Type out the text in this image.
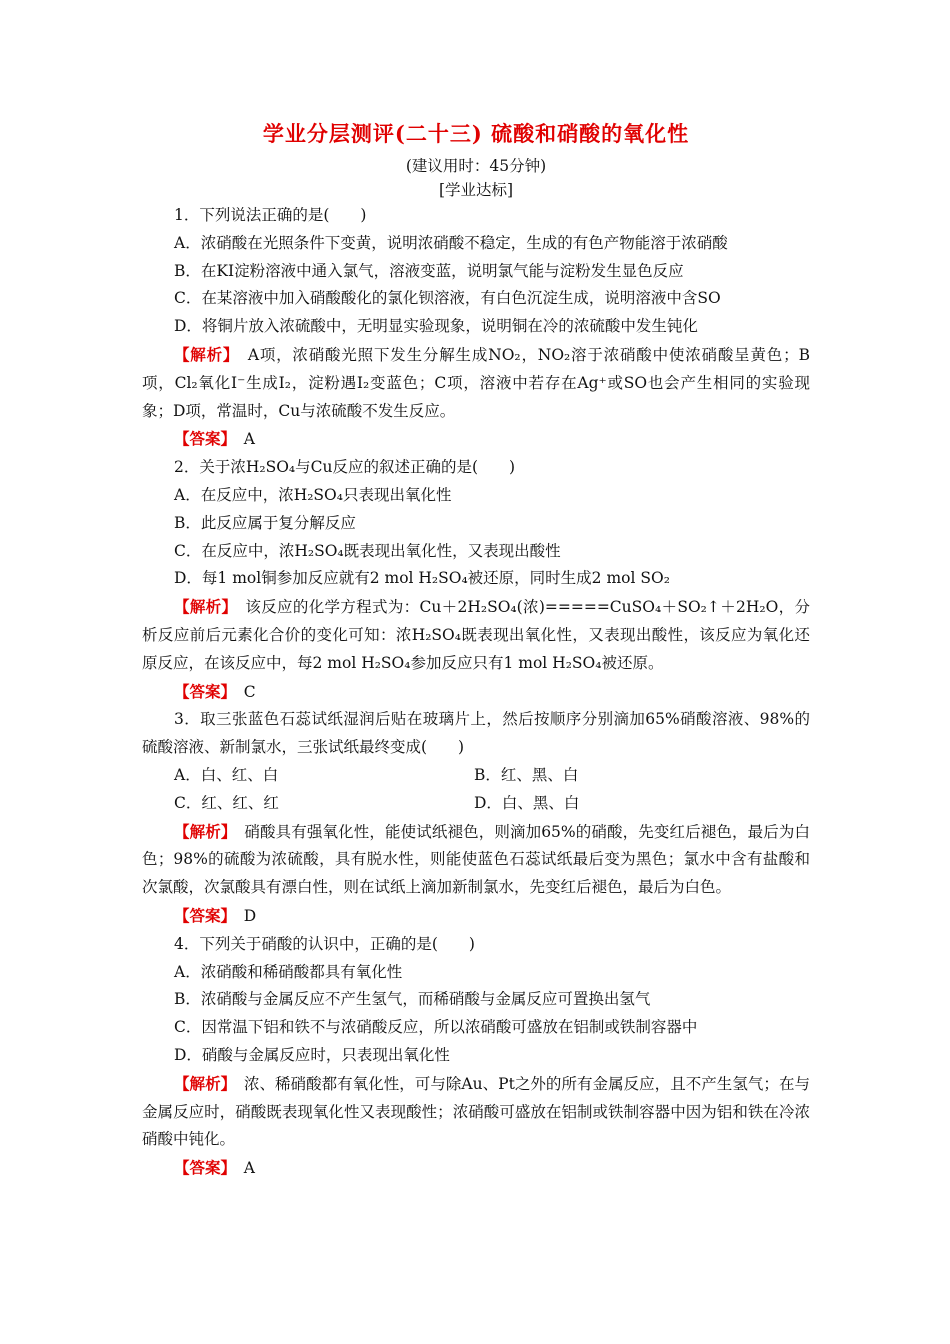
学业分层测评(二十三) 硫酸和硝酸的氧化性
(建议用时：45分钟)
[学业达标]
1．下列说法正确的是(　　)
A．浓硝酸在光照条件下变黄，说明浓硝酸不稳定，生成的有色产物能溶于浓硝酸
B．在KI淀粉溶液中通入氯气，溶液变蓝，说明氯气能与淀粉发生显色反应
C．在某溶液中加入硝酸酸化的氯化钡溶液，有白色沉淀生成，说明溶液中含SO
D．将铜片放入浓硫酸中，无明显实验现象，说明铜在冷的浓硫酸中发生钝化
【解析】　 A项，浓硝酸光照下发生分解生成NO₂，NO₂溶于浓硝酸中使浓硝酸呈黄色；B项，Cl₂氧化I⁻生成I₂，淀粉遇I₂变蓝色；C项，溶液中若存在Ag⁺或SO也会产生相同的实验现象；D项，常温时，Cu与浓硫酸不发生反应。
【答案】　 A
2．关于浓H₂SO₄与Cu反应的叙述正确的是(　　)
A．在反应中，浓H₂SO₄只表现出氧化性
B．此反应属于复分解反应
C．在反应中，浓H₂SO₄既表现出氧化性，又表现出酸性
D．每1 mol铜参加反应就有2 mol H₂SO₄被还原，同时生成2 mol SO₂
【解析】　 该反应的化学方程式为：Cu＋2H₂SO₄(浓)=====CuSO₄＋SO₂↑＋2H₂O，分析反应前后元素化合价的变化可知：浓H₂SO₄既表现出氧化性，又表现出酸性，该反应为氧化还原反应，在该反应中，每2 mol H₂SO₄参加反应只有1 mol H₂SO₄被还原。
【答案】　 C
3．取三张蓝色石蕊试纸湿润后贴在玻璃片上，然后按顺序分别滴加65%硝酸溶液、98%的硫酸溶液、新制氯水，三张试纸最终变成(　　)
A．白、红、白	B．红、黑、白
C．红、红、红	D．白、黑、白
【解析】　 硝酸具有强氧化性，能使试纸褪色，则滴加65%的硝酸，先变红后褪色，最后为白色；98%的硫酸为浓硫酸，具有脱水性，则能使蓝色石蕊试纸最后变为黑色；氯水中含有盐酸和次氯酸，次氯酸具有漂白性，则在试纸上滴加新制氯水，先变红后褪色，最后为白色。
【答案】　 D
4．下列关于硝酸的认识中，正确的是(　　)
A．浓硝酸和稀硝酸都具有氧化性
B．浓硝酸与金属反应不产生氢气，而稀硝酸与金属反应可置换出氢气
C．因常温下铝和铁不与浓硝酸反应，所以浓硝酸可盛放在铝制或铁制容器中
D．硝酸与金属反应时，只表现出氧化性
【解析】　 浓、稀硝酸都有氧化性，可与除Au、Pt之外的所有金属反应，且不产生氢气；在与金属反应时，硝酸既表现氧化性又表现酸性；浓硝酸可盛放在铝制或铁制容器中因为铝和铁在冷浓硝酸中钝化。
【答案】　 A
